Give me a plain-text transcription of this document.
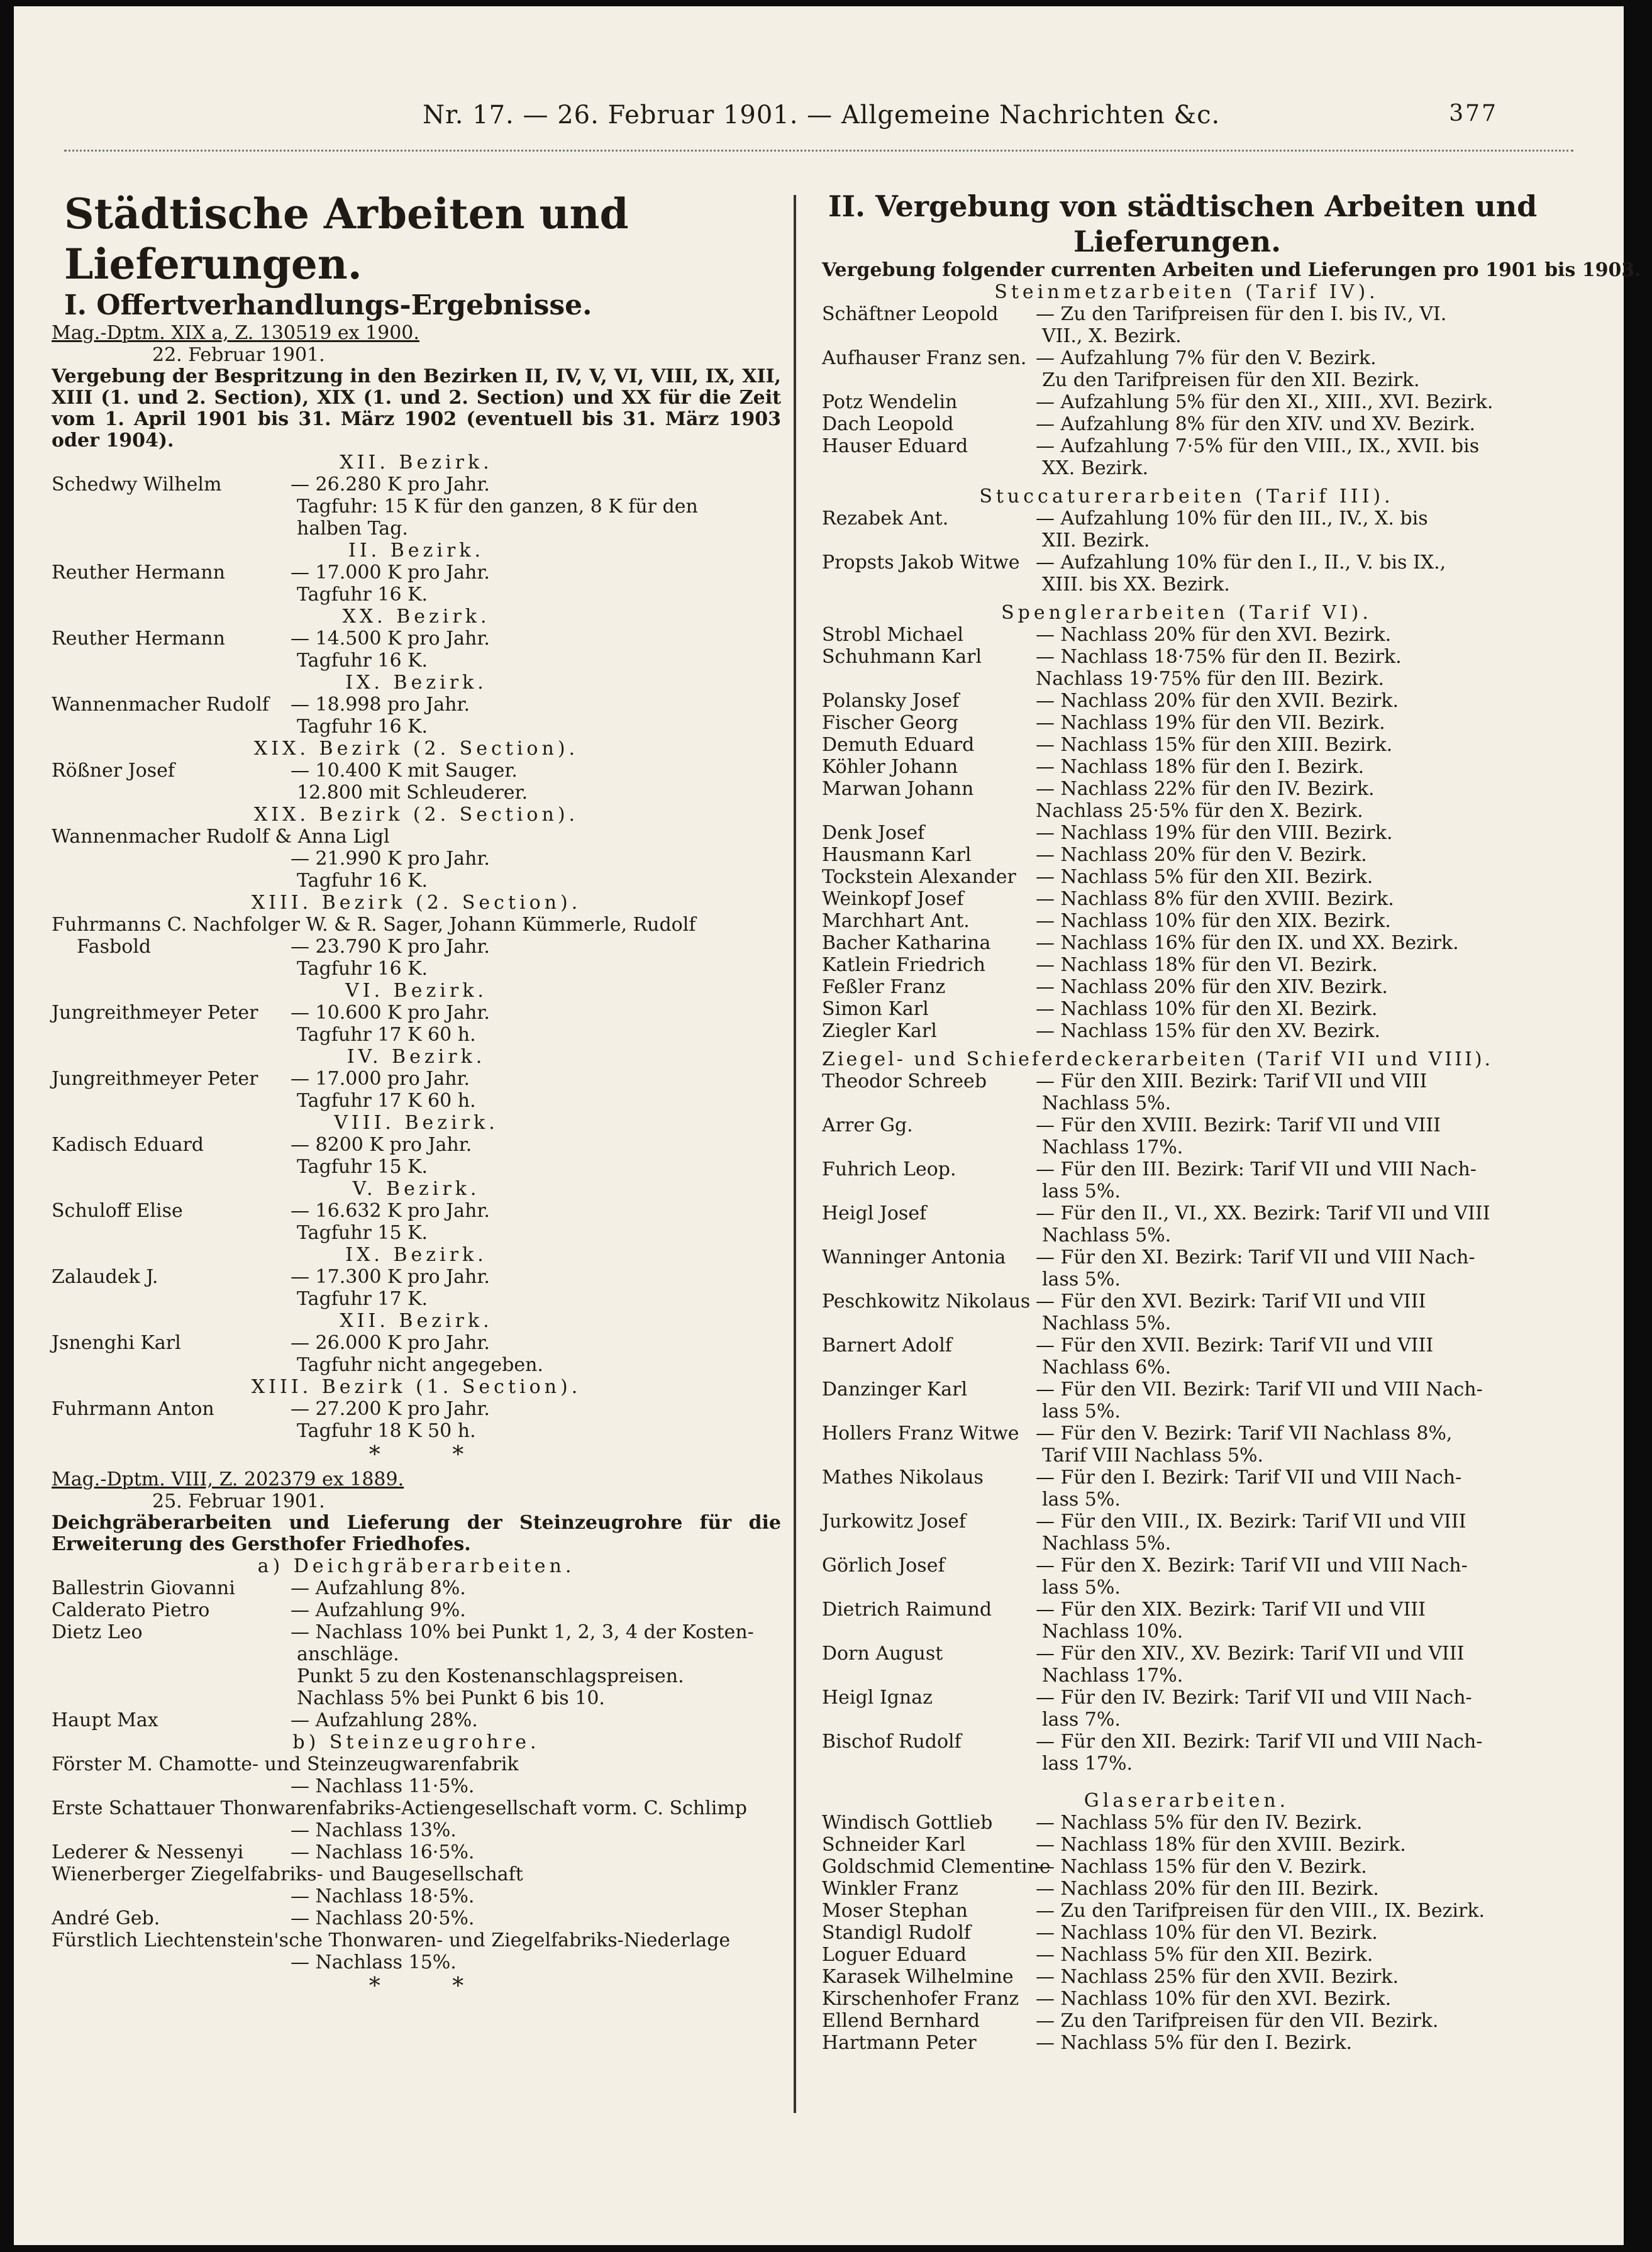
Nr. 17. — 26. Februar 1901. — Allgemeine Nachrichten &c.	377
Städtische Arbeiten und Lieferungen.
I. Offertverhandlungs-Ergebnisse.
Mag.-Dptm. XIX a, Z. 130519 ex 1900.
22. Februar 1901.
Vergebung der Bespritzung in den Bezirken II, IV, V, VI, VIII, IX, XII, XIII (1. und 2. Section), XIX (1. und 2. Section) und XX für die Zeit vom 1. April 1901 bis 31. März 1902 (eventuell bis 31. März 1903 oder 1904).
XII. Bezirk.
Schedwy Wilhelm	— 26.280 K pro Jahr.
Tagfuhr: 15 K für den ganzen, 8 K für den
halben Tag.
II. Bezirk.
Reuther Hermann	— 17.000 K pro Jahr.
Tagfuhr 16 K.
XX. Bezirk.
Reuther Hermann	— 14.500 K pro Jahr.
Tagfuhr 16 K.
IX. Bezirk.
Wannenmacher Rudolf — 18.998 pro Jahr.
Tagfuhr 16 K.
XIX. Bezirk (2. Section).
Rößner Josef	— 10.400 K mit Sauger.
12.800 mit Schleuderer.
XIX. Bezirk (2. Section).
Wannenmacher Rudolf & Anna Ligl
— 21.990 K pro Jahr.
Tagfuhr 16 K.
XIII. Bezirk (2. Section).
Fuhrmanns C. Nachfolger W. & R. Sager, Johann Kümmerle, Rudolf
Fasbold	— 23.790 K pro Jahr.
Tagfuhr 16 K.
VI. Bezirk.
Jungreithmeyer Peter — 10.600 K pro Jahr.
Tagfuhr 17 K 60 h.
IV. Bezirk.
Jungreithmeyer Peter — 17.000 pro Jahr.
Tagfuhr 17 K 60 h.
VIII. Bezirk.
Kadisch Eduard	— 8200 K pro Jahr.
Tagfuhr 15 K.
V. Bezirk.
Schuloff Elise	— 16.632 K pro Jahr.
Tagfuhr 15 K.
IX. Bezirk.
Zalaudek J.	— 17.300 K pro Jahr.
Tagfuhr 17 K.
XII. Bezirk.
Jsnenghi Karl	— 26.000 K pro Jahr.
Tagfuhr nicht angegeben.
XIII. Bezirk (1. Section).
Fuhrmann Anton	— 27.200 K pro Jahr.
Tagfuhr 18 K 50 h.
*          *
Mag.-Dptm. VIII, Z. 202379 ex 1889.
25. Februar 1901.
Deichgräberarbeiten und Lieferung der Steinzeugrohre für die Erweiterung des Gersthofer Friedhofes.
a) Deichgräberarbeiten.
Ballestrin Giovanni	— Aufzahlung 8%.
Calderato Pietro	— Aufzahlung 9%.
Dietz Leo	— Nachlass 10% bei Punkt 1, 2, 3, 4 der Kosten-
anschläge.
Punkt 5 zu den Kostenanschlagspreisen.
Nachlass 5% bei Punkt 6 bis 10.
Haupt Max	— Aufzahlung 28%.
b) Steinzeugrohre.
Förster M. Chamotte- und Steinzeugwarenfabrik
— Nachlass 11·5%.
Erste Schattauer Thonwarenfabriks-Actiengesellschaft vorm. C. Schlimp
— Nachlass 13%.
Lederer & Nessenyi — Nachlass 16·5%.
Wienerberger Ziegelfabriks- und Baugesellschaft
— Nachlass 18·5%.
André Geb.	— Nachlass 20·5%.
Fürstlich Liechtenstein'sche Thonwaren- und Ziegelfabriks-Niederlage
— Nachlass 15%.
*          *
II. Vergebung von städtischen Arbeiten und
Lieferungen.
Vergebung folgender currenten Arbeiten und Lieferungen pro 1901 bis 1903.
Steinmetzarbeiten (Tarif IV).
Schäftner Leopold — Zu den Tarifpreisen für den I. bis IV., VI.
VII., X. Bezirk.
Aufhauser Franz sen. — Aufzahlung 7% für den V. Bezirk.
Zu den Tarifpreisen für den XII. Bezirk.
Potz Wendelin	— Aufzahlung 5% für den XI., XIII., XVI. Bezirk.
Dach Leopold	— Aufzahlung 8% für den XIV. und XV. Bezirk.
Hauser Eduard	— Aufzahlung 7·5% für den VIII., IX., XVII. bis
XX. Bezirk.
Stuccaturerarbeiten (Tarif III).
Rezabek Ant.	— Aufzahlung 10% für den III., IV., X. bis
XII. Bezirk.
Propsts Jakob Witwe — Aufzahlung 10% für den I., II., V. bis IX.,
XIII. bis XX. Bezirk.
Spenglerarbeiten (Tarif VI).
Strobl Michael	— Nachlass 20% für den XVI. Bezirk.
Schuhmann Karl	— Nachlass 18·75% für den II. Bezirk.
Nachlass 19·75% für den III. Bezirk.
Polansky Josef	— Nachlass 20% für den XVII. Bezirk.
Fischer Georg	— Nachlass 19% für den VII. Bezirk.
Demuth Eduard	— Nachlass 15% für den XIII. Bezirk.
Köhler Johann	— Nachlass 18% für den I. Bezirk.
Marwan Johann	— Nachlass 22% für den IV. Bezirk.
Nachlass 25·5% für den X. Bezirk.
Denk Josef	— Nachlass 19% für den VIII. Bezirk.
Hausmann Karl	— Nachlass 20% für den V. Bezirk.
Tockstein Alexander — Nachlass 5% für den XII. Bezirk.
Weinkopf Josef	— Nachlass 8% für den XVIII. Bezirk.
Marchhart Ant.	— Nachlass 10% für den XIX. Bezirk.
Bacher Katharina — Nachlass 16% für den IX. und XX. Bezirk.
Katlein Friedrich	— Nachlass 18% für den VI. Bezirk.
Feßler Franz	— Nachlass 20% für den XIV. Bezirk.
Simon Karl	— Nachlass 10% für den XI. Bezirk.
Ziegler Karl	— Nachlass 15% für den XV. Bezirk.
Ziegel- und Schieferdeckerarbeiten (Tarif VII und VIII).
Theodor Schreeb	— Für den XIII. Bezirk: Tarif VII und VIII
Nachlass 5%.
Arrer Gg.	— Für den XVIII. Bezirk: Tarif VII und VIII
Nachlass 17%.
Fuhrich Leop.	— Für den III. Bezirk: Tarif VII und VIII Nach-
lass 5%.
Heigl Josef	— Für den II., VI., XX. Bezirk: Tarif VII und VIII
Nachlass 5%.
Wanninger Antonia — Für den XI. Bezirk: Tarif VII und VIII Nach-
lass 5%.
Peschkowitz Nikolaus — Für den XVI. Bezirk: Tarif VII und VIII
Nachlass 5%.
Barnert Adolf	— Für den XVII. Bezirk: Tarif VII und VIII
Nachlass 6%.
Danzinger Karl	— Für den VII. Bezirk: Tarif VII und VIII Nach-
lass 5%.
Hollers Franz Witwe — Für den V. Bezirk: Tarif VII Nachlass 8%,
Tarif VIII Nachlass 5%.
Mathes Nikolaus	— Für den I. Bezirk: Tarif VII und VIII Nach-
lass 5%.
Jurkowitz Josef	— Für den VIII., IX. Bezirk: Tarif VII und VIII
Nachlass 5%.
Görlich Josef	— Für den X. Bezirk: Tarif VII und VIII Nach-
lass 5%.
Dietrich Raimund — Für den XIX. Bezirk: Tarif VII und VIII
Nachlass 10%.
Dorn August	— Für den XIV., XV. Bezirk: Tarif VII und VIII
Nachlass 17%.
Heigl Ignaz	— Für den IV. Bezirk: Tarif VII und VIII Nach-
lass 7%.
Bischof Rudolf	— Für den XII. Bezirk: Tarif VII und VIII Nach-
lass 17%.
Glaserarbeiten.
Windisch Gottlieb — Nachlass 5% für den IV. Bezirk.
Schneider Karl	— Nachlass 18% für den XVIII. Bezirk.
Goldschmid Clementine
— Nachlass 15% für den V. Bezirk.
Winkler Franz	— Nachlass 20% für den III. Bezirk.
Moser Stephan	— Zu den Tarifpreisen für den VIII., IX. Bezirk.
Standigl Rudolf	— Nachlass 10% für den VI. Bezirk.
Loguer Eduard	— Nachlass 5% für den XII. Bezirk.
Karasek Wilhelmine — Nachlass 25% für den XVII. Bezirk.
Kirschenhofer Franz — Nachlass 10% für den XVI. Bezirk.
Ellend Bernhard	— Zu den Tarifpreisen für den VII. Bezirk.
Hartmann Peter	— Nachlass 5% für den I. Bezirk.
